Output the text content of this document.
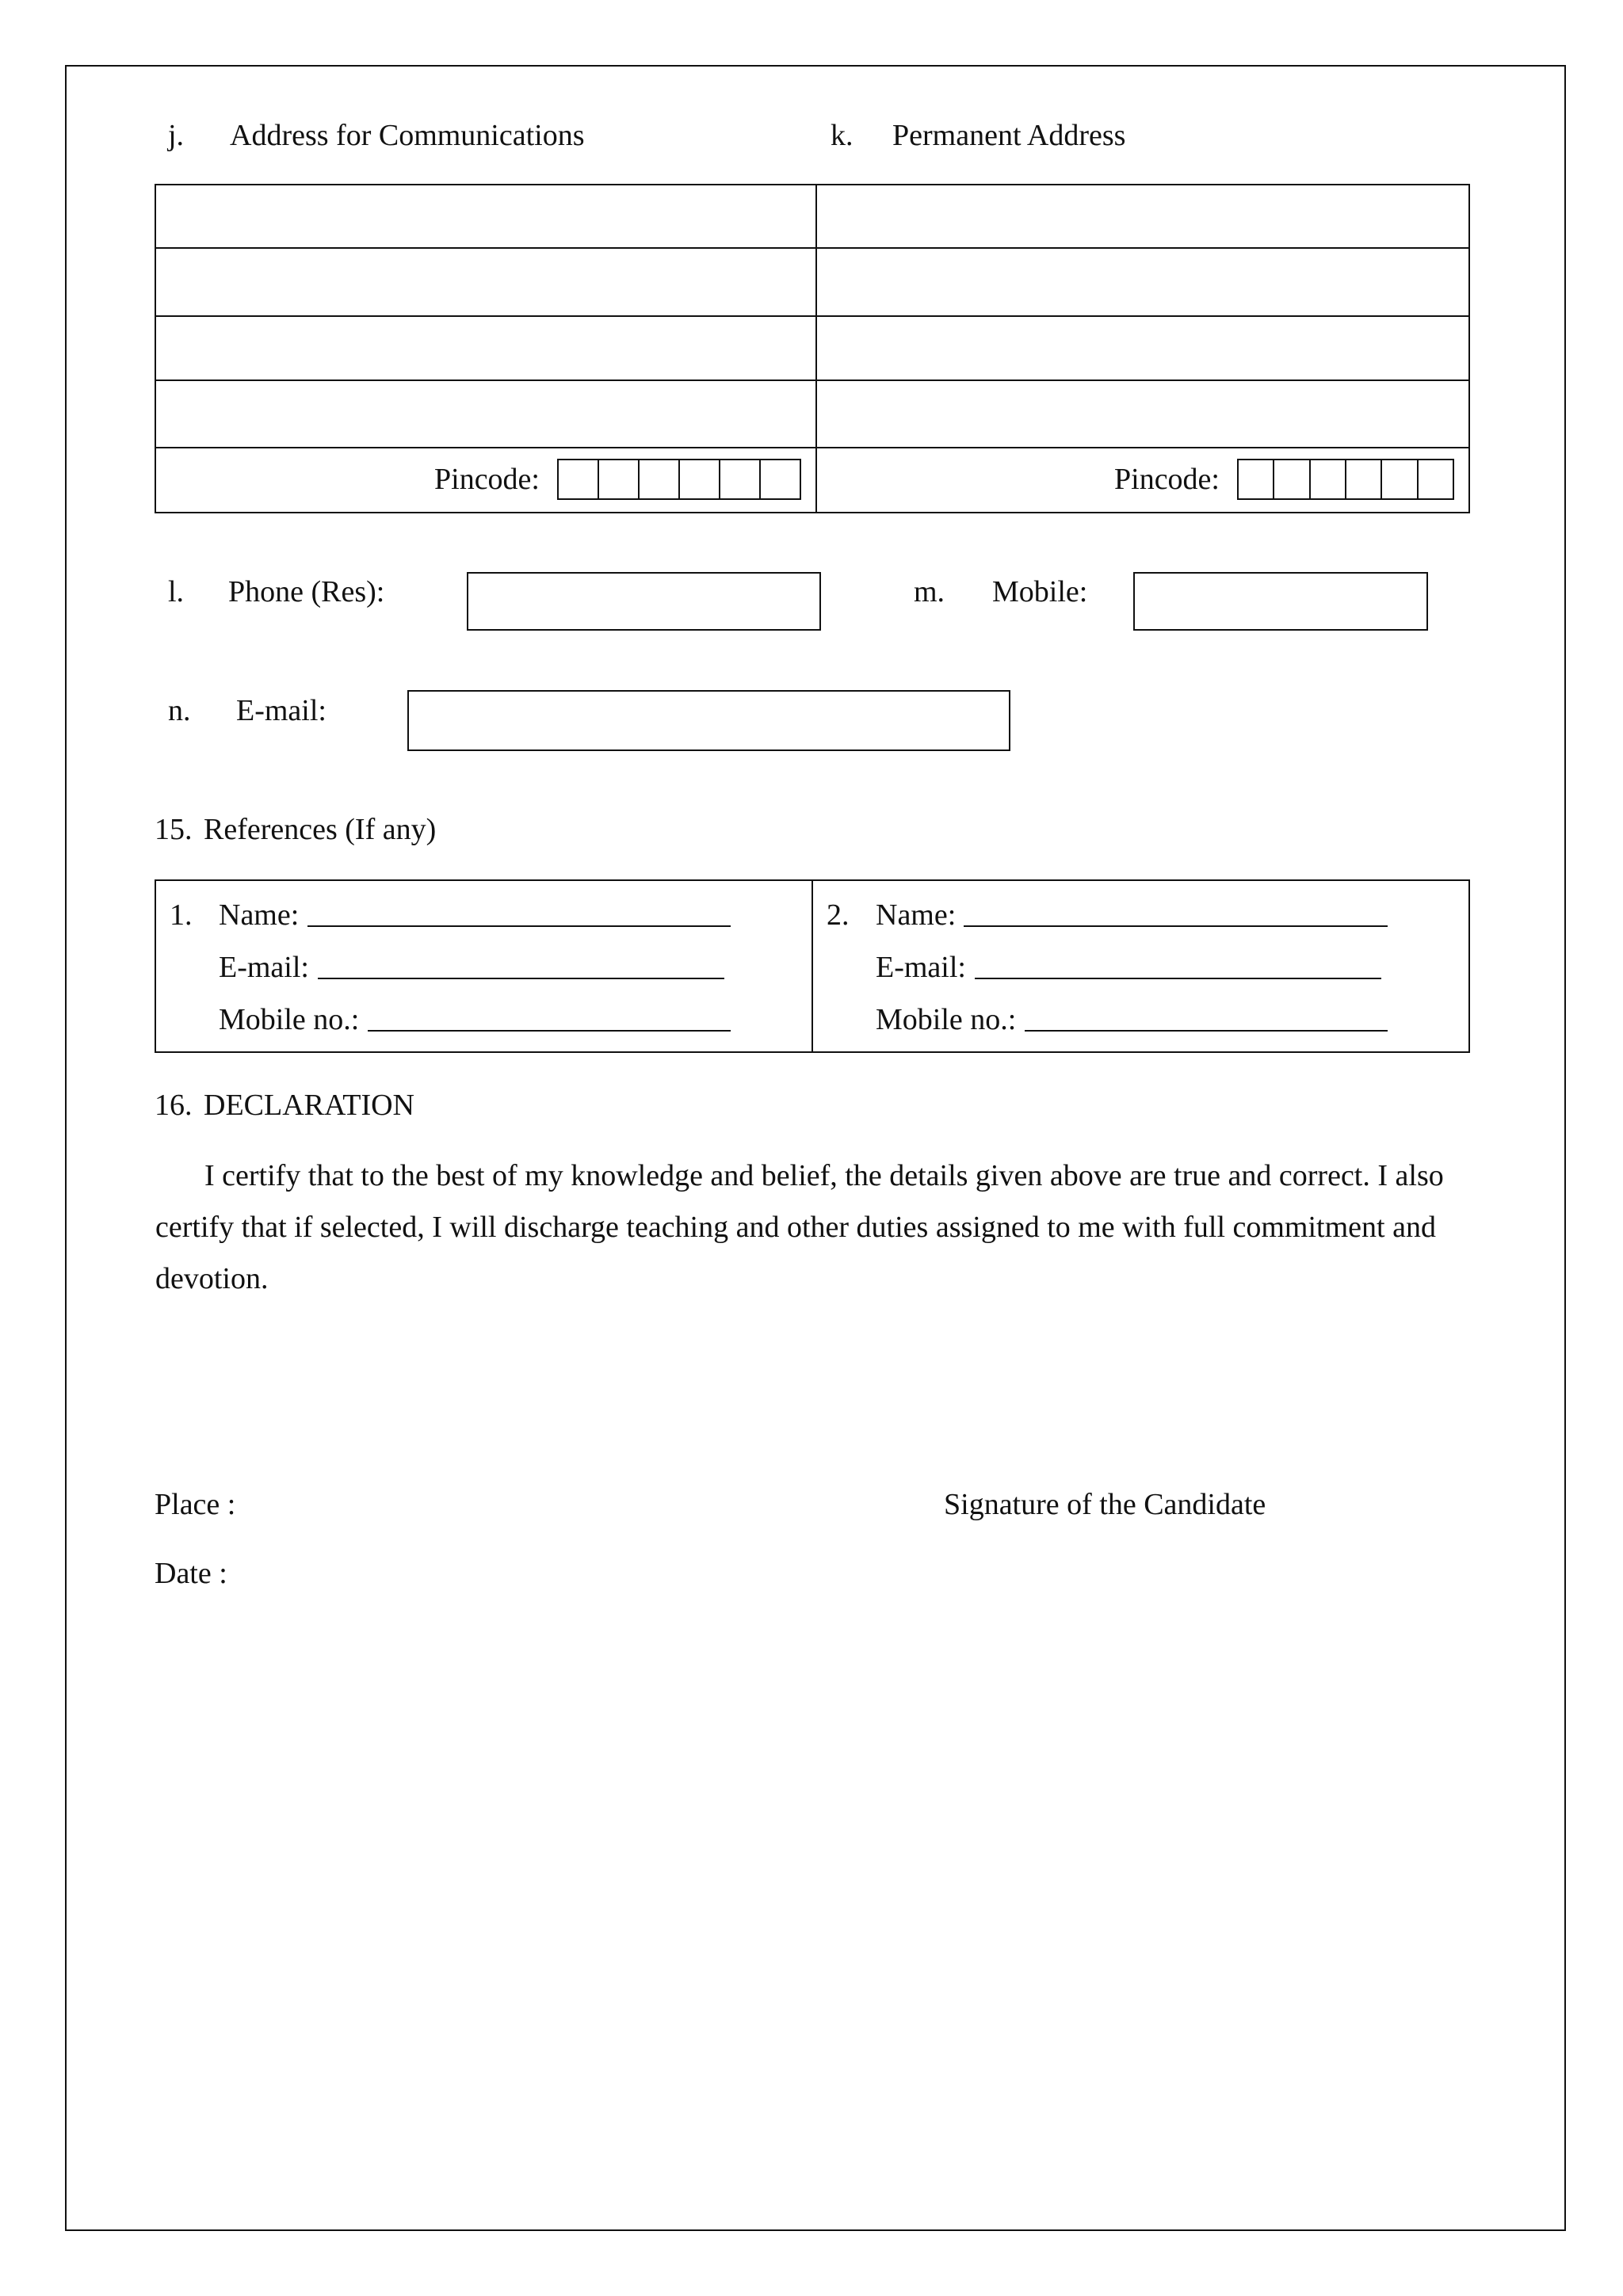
j. Address for Communications	k. Permanent Address
Pincode:	Pincode:
l. Phone (Res):	m. Mobile:
n. E-mail:
15. References (If any)
1. Name:
E-mail:
Mobile no.:
2. Name:
E-mail:
Mobile no.:
16. DECLARATION
I certify that to the best of my knowledge and belief, the details given above are true and correct. I also certify that if selected, I will discharge teaching and other duties assigned to me with full commitment and devotion.
Place :
Date :
Signature of the Candidate
